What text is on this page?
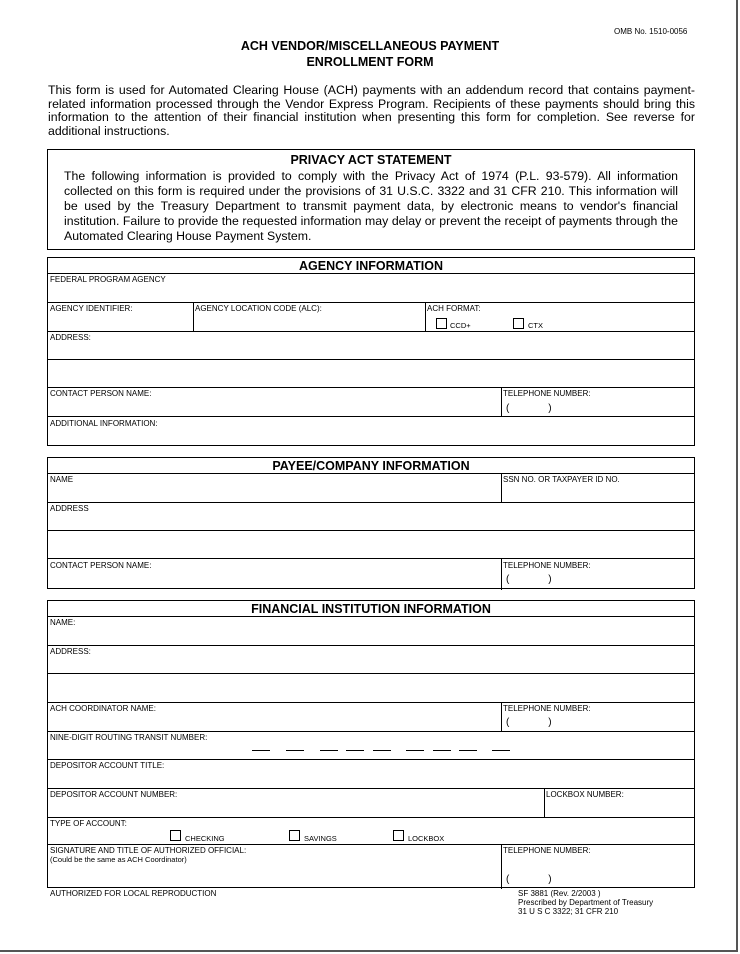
OMB No. 1510-0056
ACH VENDOR/MISCELLANEOUS PAYMENT
ENROLLMENT FORM
This form is used for Automated Clearing House (ACH) payments with an addendum record that contains payment-related information processed through the Vendor Express Program. Recipients of these payments should bring this information to the attention of their financial institution when presenting this form for completion. See reverse for additional instructions.
PRIVACY ACT STATEMENT
The following information is provided to comply with the Privacy Act of 1974 (P.L. 93-579). All information collected on this form is required under the provisions of 31 U.S.C. 3322 and 31 CFR 210. This information will be used by the Treasury Department to transmit payment data, by electronic means to vendor's financial institution. Failure to provide the requested information may delay or prevent the receipt of payments through the Automated Clearing House Payment System.
AGENCY INFORMATION
FEDERAL PROGRAM AGENCY
AGENCY IDENTIFIER:	AGENCY LOCATION CODE (ALC):	ACH FORMAT:
CCD+	CTX
ADDRESS:
CONTACT PERSON NAME:	TELEPHONE NUMBER:
(              )
ADDITIONAL INFORMATION:
PAYEE/COMPANY INFORMATION
NAME	SSN NO. OR TAXPAYER ID NO.
ADDRESS
CONTACT PERSON NAME:	TELEPHONE NUMBER:
(              )
FINANCIAL INSTITUTION INFORMATION
NAME:
ADDRESS:
ACH COORDINATOR NAME:	TELEPHONE NUMBER:
(              )
NINE-DIGIT ROUTING TRANSIT NUMBER:
DEPOSITOR ACCOUNT TITLE:
DEPOSITOR ACCOUNT NUMBER:	LOCKBOX NUMBER:
TYPE OF ACCOUNT:
CHECKING	SAVINGS	LOCKBOX
SIGNATURE AND TITLE OF AUTHORIZED OFFICIAL:
(Could be the same as ACH Coordinator)
TELEPHONE NUMBER:
(              )
AUTHORIZED FOR LOCAL REPRODUCTION	SF 3881 (Rev. 2/2003 )
Prescribed by Department of Treasury
31 U S C 3322; 31 CFR 210
